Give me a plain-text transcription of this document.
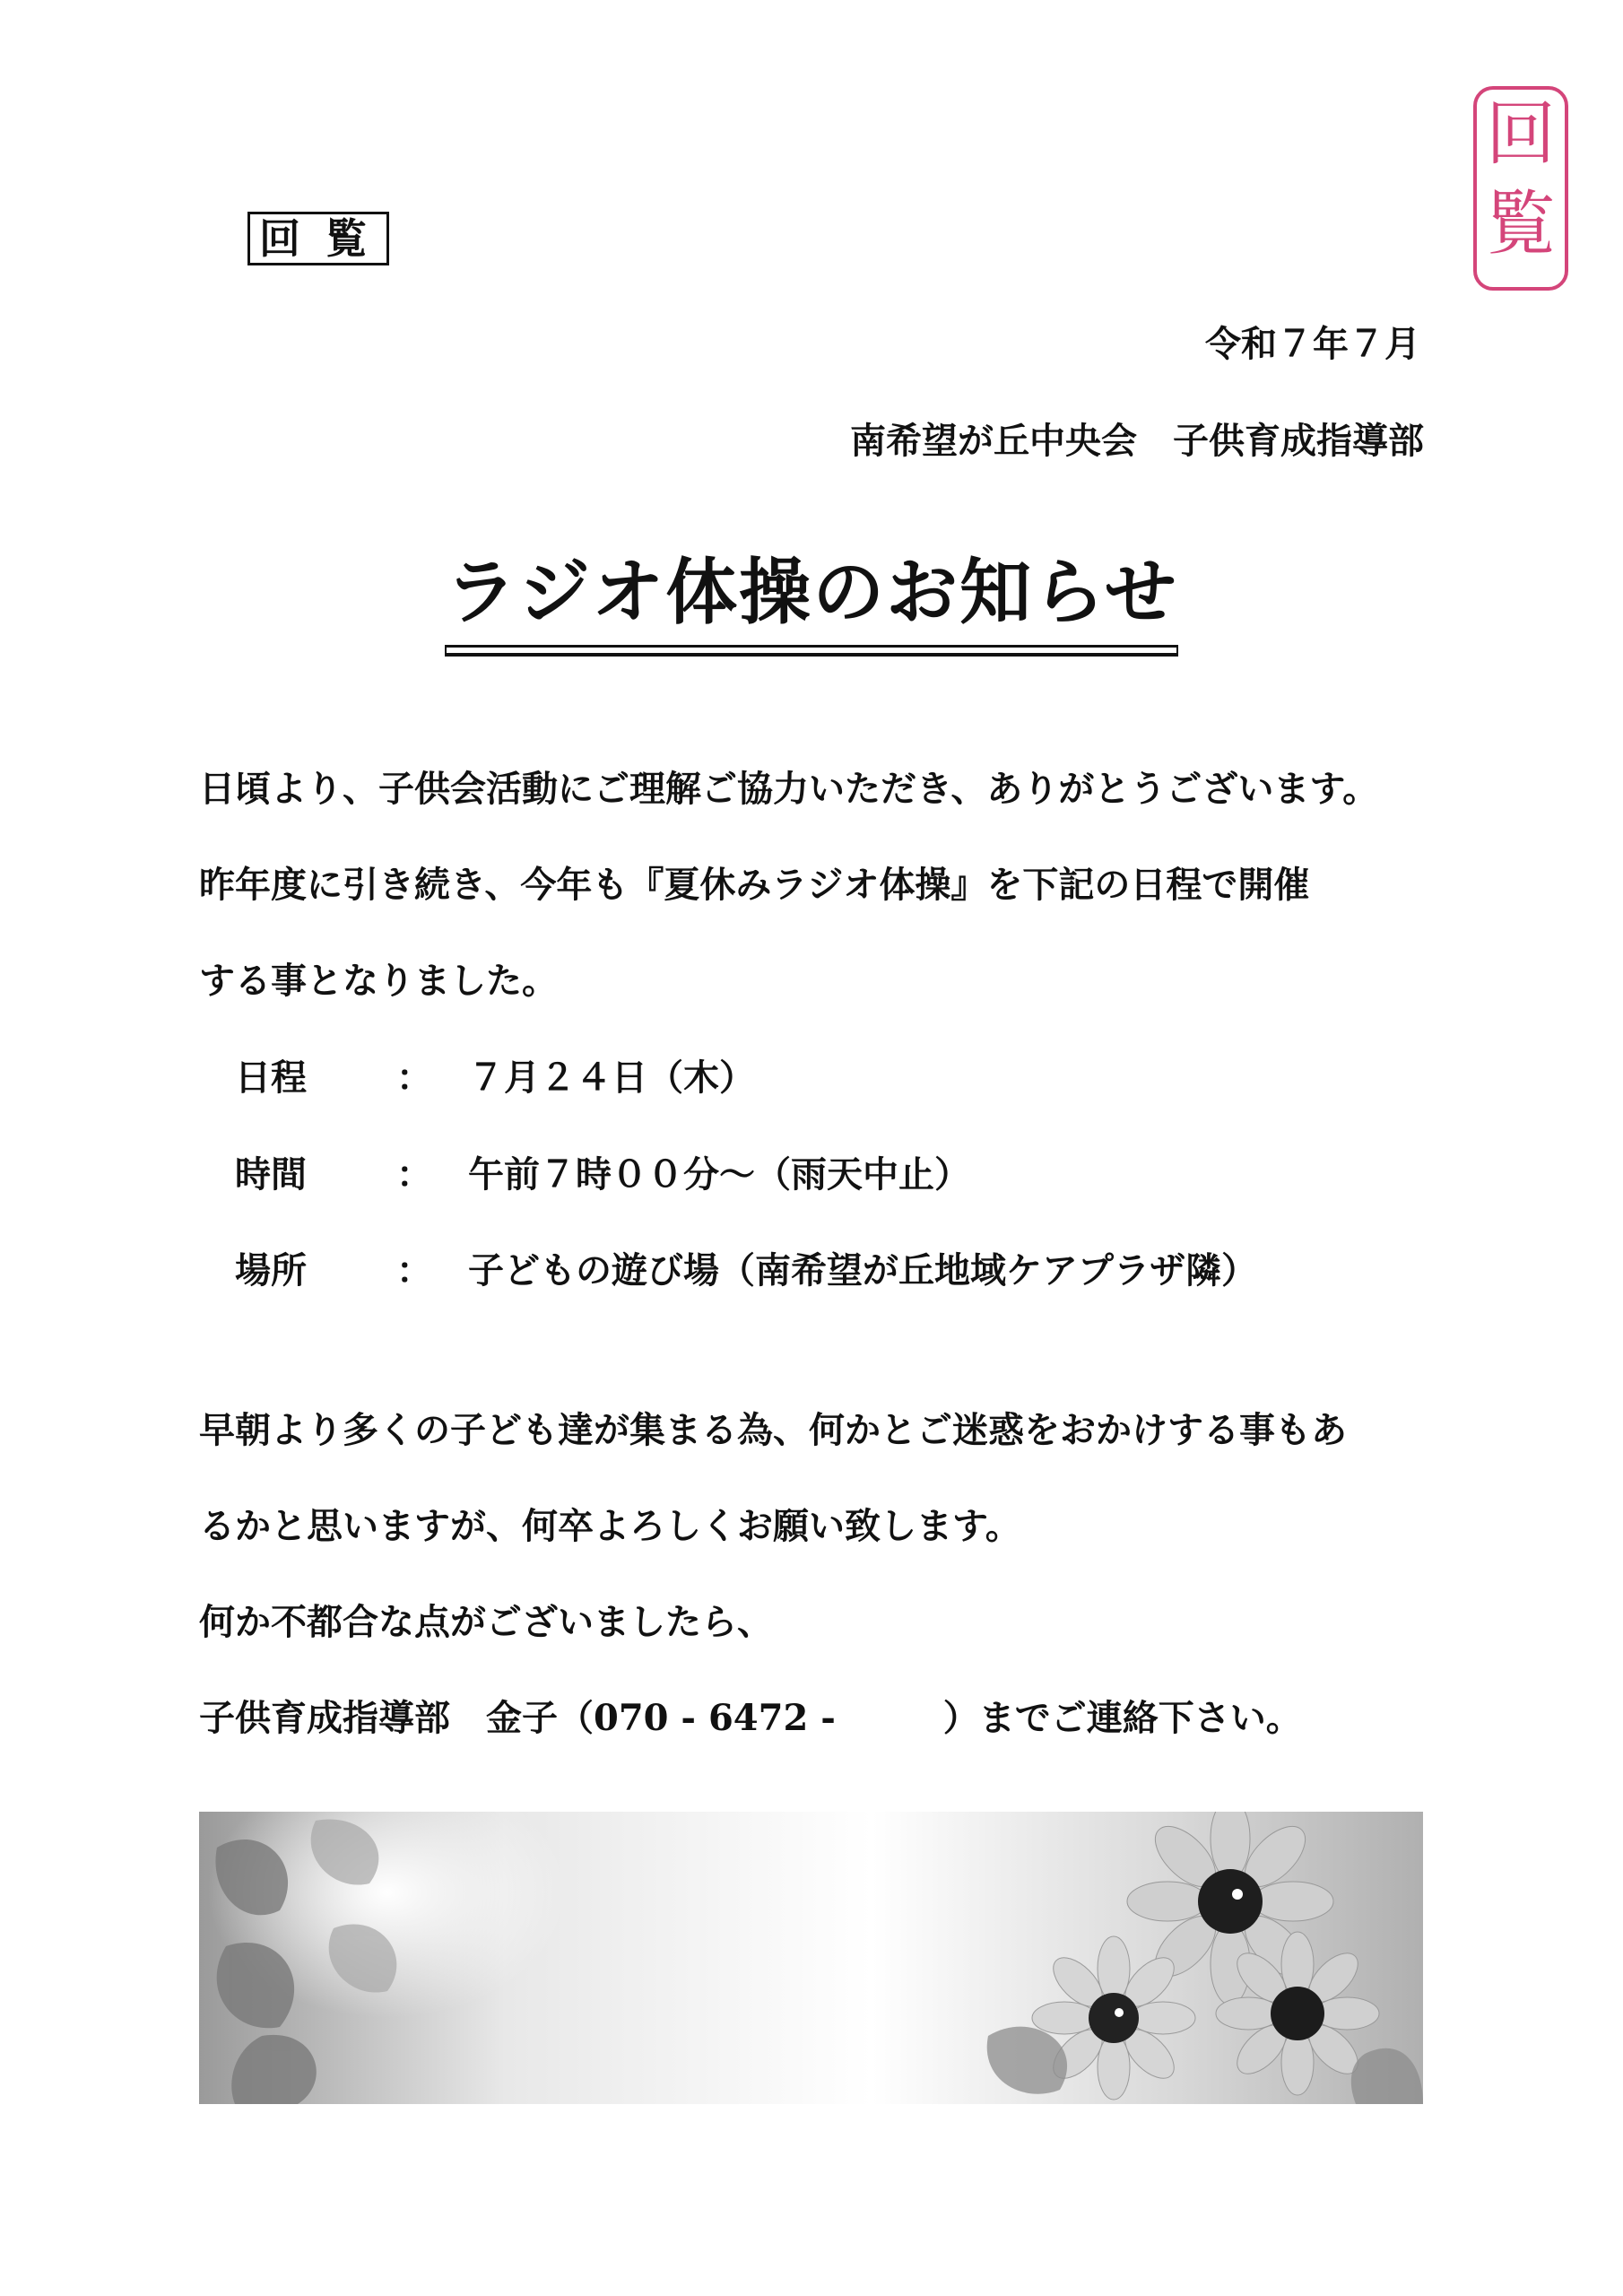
回覧
回
覧
令和７年７月
南希望が丘中央会　子供育成指導部
ラジオ体操のお知らせ
日頃より、子供会活動にご理解ご協力いただき、ありがとうございます。
昨年度に引き続き、今年も『夏休みラジオ体操』を下記の日程で開催
する事となりました。
日程	： ７月２４日（木）
時間	： 午前７時００分～（雨天中止）
場所	： 子どもの遊び場（南希望が丘地域ケアプラザ隣）
早朝より多くの子ども達が集まる為、何かとご迷惑をおかけする事もあ
るかと思いますが、何卒よろしくお願い致します。
何か不都合な点がございましたら、
子供育成指導部　金子（070 - 6472 -　　　）までご連絡下さい。
